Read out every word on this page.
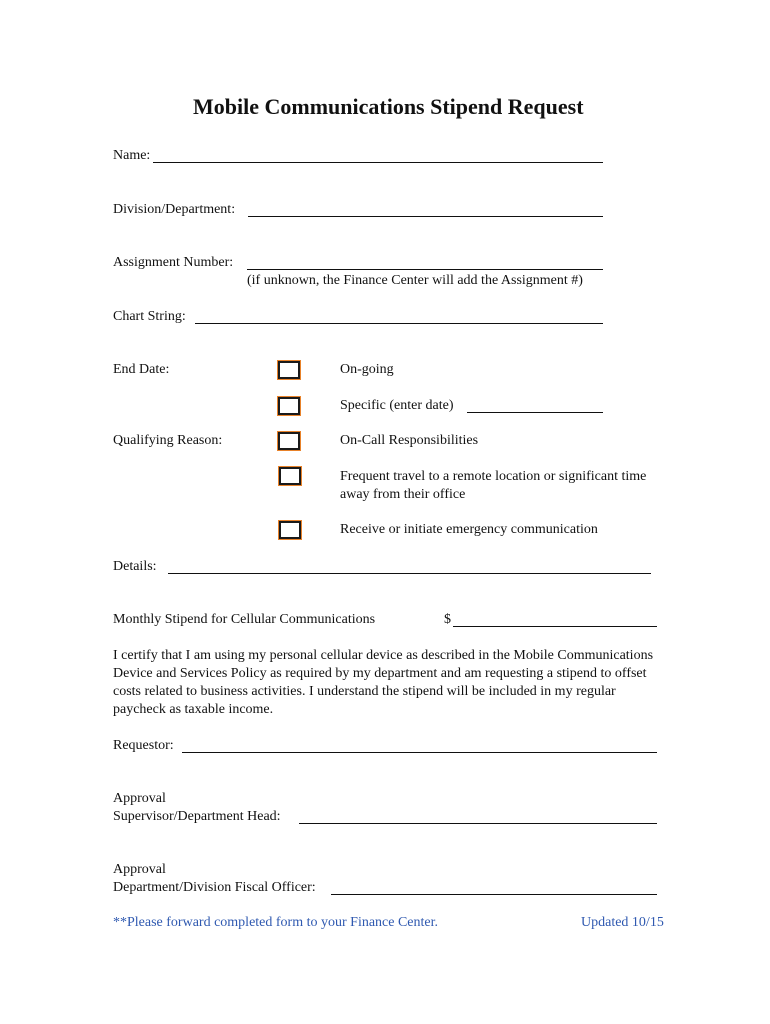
Mobile Communications Stipend Request
Name:
Division/Department:
Assignment Number:
(if unknown, the Finance Center will add the Assignment #)
Chart String:
End Date:	On-going
Specific (enter date)
Qualifying Reason:	On-Call Responsibilities
Frequent travel to a remote location or significant time
away from their office
Receive or initiate emergency communication
Details:
Monthly Stipend for Cellular Communications	$
I certify that I am using my personal cellular device as described in the Mobile Communications Device and Services Policy as required by my department and am requesting a stipend to offset costs related to business activities. I understand the stipend will be included in my regular paycheck as taxable income.
Requestor:
Approval
Supervisor/Department Head:
Approval
Department/Division Fiscal Officer:
**Please forward completed form to your Finance Center.	Updated 10/15
